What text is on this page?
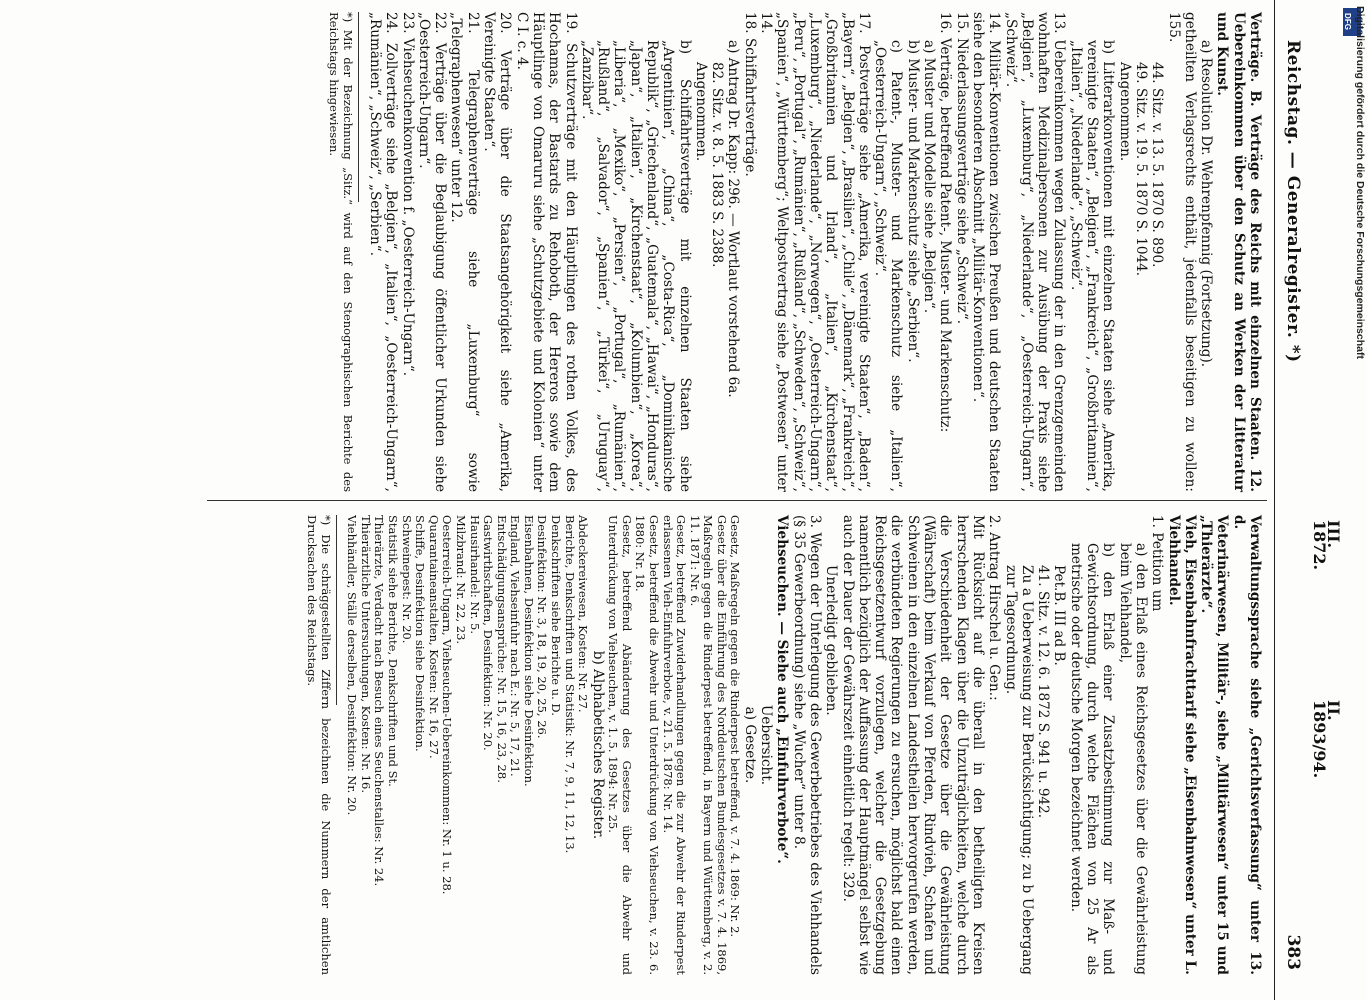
Reichstag. — Generalregister. *)
383
III.
1872.
II.
1893/94.

Verträge. B. Verträge des Reichs mit einzelnen Staaten. 12. Uebereinkommen über den Schutz an Werken der Litteratur und Kunst.

a) Resolution Dr. Wehrenpfennig (Fortsetzung).

getheilten Verlagsrechts enthält, jedenfalls beseitigen zu wollen: 155.

44. Sitz. v. 13. 5. 1870 S. 890.

49. Sitz. v. 19. 5. 1870 S. 1044.

Angenommen.

b) Litterarkonventionen mit einzelnen Staaten siehe „Amerika, vereinigte Staaten“, „Belgien“, „Frankreich“, „Großbritannien“, „Italien“, „Niederlande“, „Schweiz“.

13. Uebereinkommen wegen Zulassung der in den Grenzgemeinden wohnhaften Medizinalpersonen zur Ausübung der Praxis siehe „Belgien“, „Luxemburg“, „Niederlande“, „Oesterreich-Ungarn“, „Schweiz“.

14. Militär-Konventionen zwischen Preußen und deutschen Staaten siehe den besonderen Abschnitt „Militär-Konventionen“.

15. Niederlassungsverträge siehe „Schweiz“.

16. Verträge, betreffend Patent-, Muster- und Markenschutz:

a) Muster und Modelle siehe „Belgien“.

b) Muster- und Markenschutz siehe „Serbien“.

c) Patent-, Muster- und Markenschutz siehe „Italien“, „Oesterreich-Ungarn“, „Schweiz“.

17. Postverträge siehe „Amerika, vereinigte Staaten“, „Baden“, „Bayern“, „Belgien“, „Brasilien“, „Chile“, „Dänemark“, „Frankreich“, „Großbritannien und Irland“, „Italien“, „Kirchenstaat“, „Luxemburg“, „Niederlande“, „Norwegen“, „Oesterreich-Ungarn“, „Peru“, „Portugal“, „Rumänien“, „Rußland“, „Schweden“, „Schweiz“, „Spanien“, „Württemberg“; Weltpostvertrag siehe „Postwesen“ unter 14.

18. Schiffahrtsverträge.

a) Antrag Dr. Kapp: 296. — Wortlaut vorstehend 6a.

82. Sitz. v. 8. 5. 1883 S. 2388.

Angenommen.

b) Schiffahrtsverträge mit einzelnen Staaten siehe „Argentinien“, „China“, „Costa-Rica“, „Dominikanische Republik“, „Griechenland“, „Guatemala“, „Hawai“, „Honduras“, „Japan“, „Italien“, „Kirchenstaat“, „Kolumbien“, „Korea“, „Liberia“, „Mexiko“, „Persien“, „Portugal“, „Rumänien“, „Rußland“, „Salvador“, „Spanien“, „Türkei“, „Uruguay“, „Zanzibar“.

19. Schutzverträge mit den Häuptlingen des rothen Volkes, des Hochamas, der Bastards zu Rehoboth, der Hereros sowie dem Häuptlinge von Omaruru siehe „Schutzgebiete und Kolonien“ unter C I. c. 4.

20. Verträge über die Staatsangehörigkeit siehe „Amerika, Vereinigte Staaten“.

21. Telegraphenverträge siehe „Luxemburg“ sowie „Telegraphenwesen“ unter 12.

22. Verträge über die Beglaubigung öffentlicher Urkunden siehe „Oesterreich-Ungarn“.

23. Viehseuchenkonvention f. „Oesterreich-Ungarn“.

24. Zollverträge siehe „Belgien“, „Italien“, „Oesterreich-Ungarn“, „Rumänien“, „Schweiz“, „Serbien“.

*) Mit der Bezeichnung „Sitz.“ wird auf den Stenographischen Berichte des Reichstags hingewiesen.

Verwaltungssprache siehe „Gerichtsverfassung“ unter 13. d.

Veterinärwesen, Militär-, siehe „Militärwesen“ unter 15 und „Thierärzte“.

Vieh, Eisenbahnfrachttarif siehe „Eisenbahnwesen“ unter L.

Viehhandel.

1. Petition um

a) den Erlaß eines Reichsgesetzes über die Gewährleistung beim Viehhandel,

b) den Erlaß einer Zusatzbestimmung zur Maß- und Gewichtsordnung, durch welche Flächen von 25 Ar als metrische oder deutsche Morgen bezeichnet werden.

Pet.B. III ad B.

41. Sitz. v. 12. 6. 1872 S. 941 u. 942.

Zu a Ueberweisung zur Berücksichtigung; zu b Uebergang zur Tagesordnung.

2. Antrag Hirschel u. Gen.:

Mit Rücksicht auf die überall in den betheiligten Kreisen herrschenden Klagen über die Unzuträglichkeiten, welche durch die Verschiedenheit der Gesetze über die Gewährleistung (Währschaft) beim Verkauf von Pferden, Rindvieh, Schafen und Schweinen in den einzelnen Landestheilen hervorgerufen werden, die verbündeten Regierungen zu ersuchen, möglichst bald einen Reichsgesetzentwurf vorzulegen, welcher die Gesetzgebung namentlich bezüglich der Auffassung der Hauptmängel selbst wie auch der Dauer der Gewährszeit einheitlich regelt: 329.

Unerledigt geblieben.

3. Wegen der Unterlegung des Gewerbebetriebes des Viehhandels (§ 35 Gewerbeordnung) siehe „Wucher“ unter 8.

Viehseuchen. — Siehe auch „Einfuhrverbote“.

Uebersicht.

a) Gesetze.

Gesetz, Maßregeln gegen die Rinderpest betreffend, v. 7. 4. 1869: Nr. 2.

Gesetz über die Einführung des Norddeutschen Bundesgesetzes v. 7. 4. 1869, Maßregeln gegen die Rinderpest betreffend, in Bayern und Württemberg, v. 2. 11. 1871: Nr. 6.

Gesetz, betreffend Zuwiderhandlungen gegen die zur Abwehr der Rinderpest erlassenen Vieh-Einfuhrverbote, v. 21. 5. 1878: Nr. 14.

Gesetz, betreffend die Abwehr und Unterdrückung von Viehseuchen, v. 23. 6. 1880: Nr. 18.

Gesetz, betreffend Abänderung des Gesetzes über die Abwehr und Unterdrückung von Viehseuchen, v. 1. 5. 1894: Nr. 25.

b) Alphabetisches Register.

Abdeckereiwesen, Kosten: Nr. 27.

Berichte, Denkschriften und Statistik: Nr. 7, 9, 11, 12, 13.

Denkschriften siehe Berichte u. D.

Desinfektion: Nr. 3, 18, 19, 20, 25, 26.

Eisenbahnen, Desinfektion siehe Desinfektion.

England, Viehseinfuhr nach E.: Nr. 5, 17, 21.

Entschädigungsansprüche: Nr. 15, 16, 23, 28.

Gastwirthschaften, Desinfektion: Nr. 20.

Hausirhandel: Nr. 5.

Milzbrand: Nr. 22, 23.

Oesterreich-Ungarn, Viehseuchen-Uebereinkommen: Nr. 1 u. 28.

Quarantaineanstalten, Kosten: Nr. 16, 27.

Schiffe, Desinfektion siehe Desinfektion.

Schweinepest: Nr. 20.

Statistik siehe Berichte, Denkschriften und St.

Thierärzte, Verdacht nach Besuch eines Seuchenstalles: Nr. 24.

Thierärztliche Untersuchungen, Kosten: Nr. 16.

Viehhändler, Ställe derselben, Desinfektion: Nr. 20.

*) Die schräggestellten Ziffern bezeichnen die Nummern der amtlichen Drucksachen des Reichstags.

DFG Digitalisierung gefördert durch die Deutsche Forschungsgemeinschaft
